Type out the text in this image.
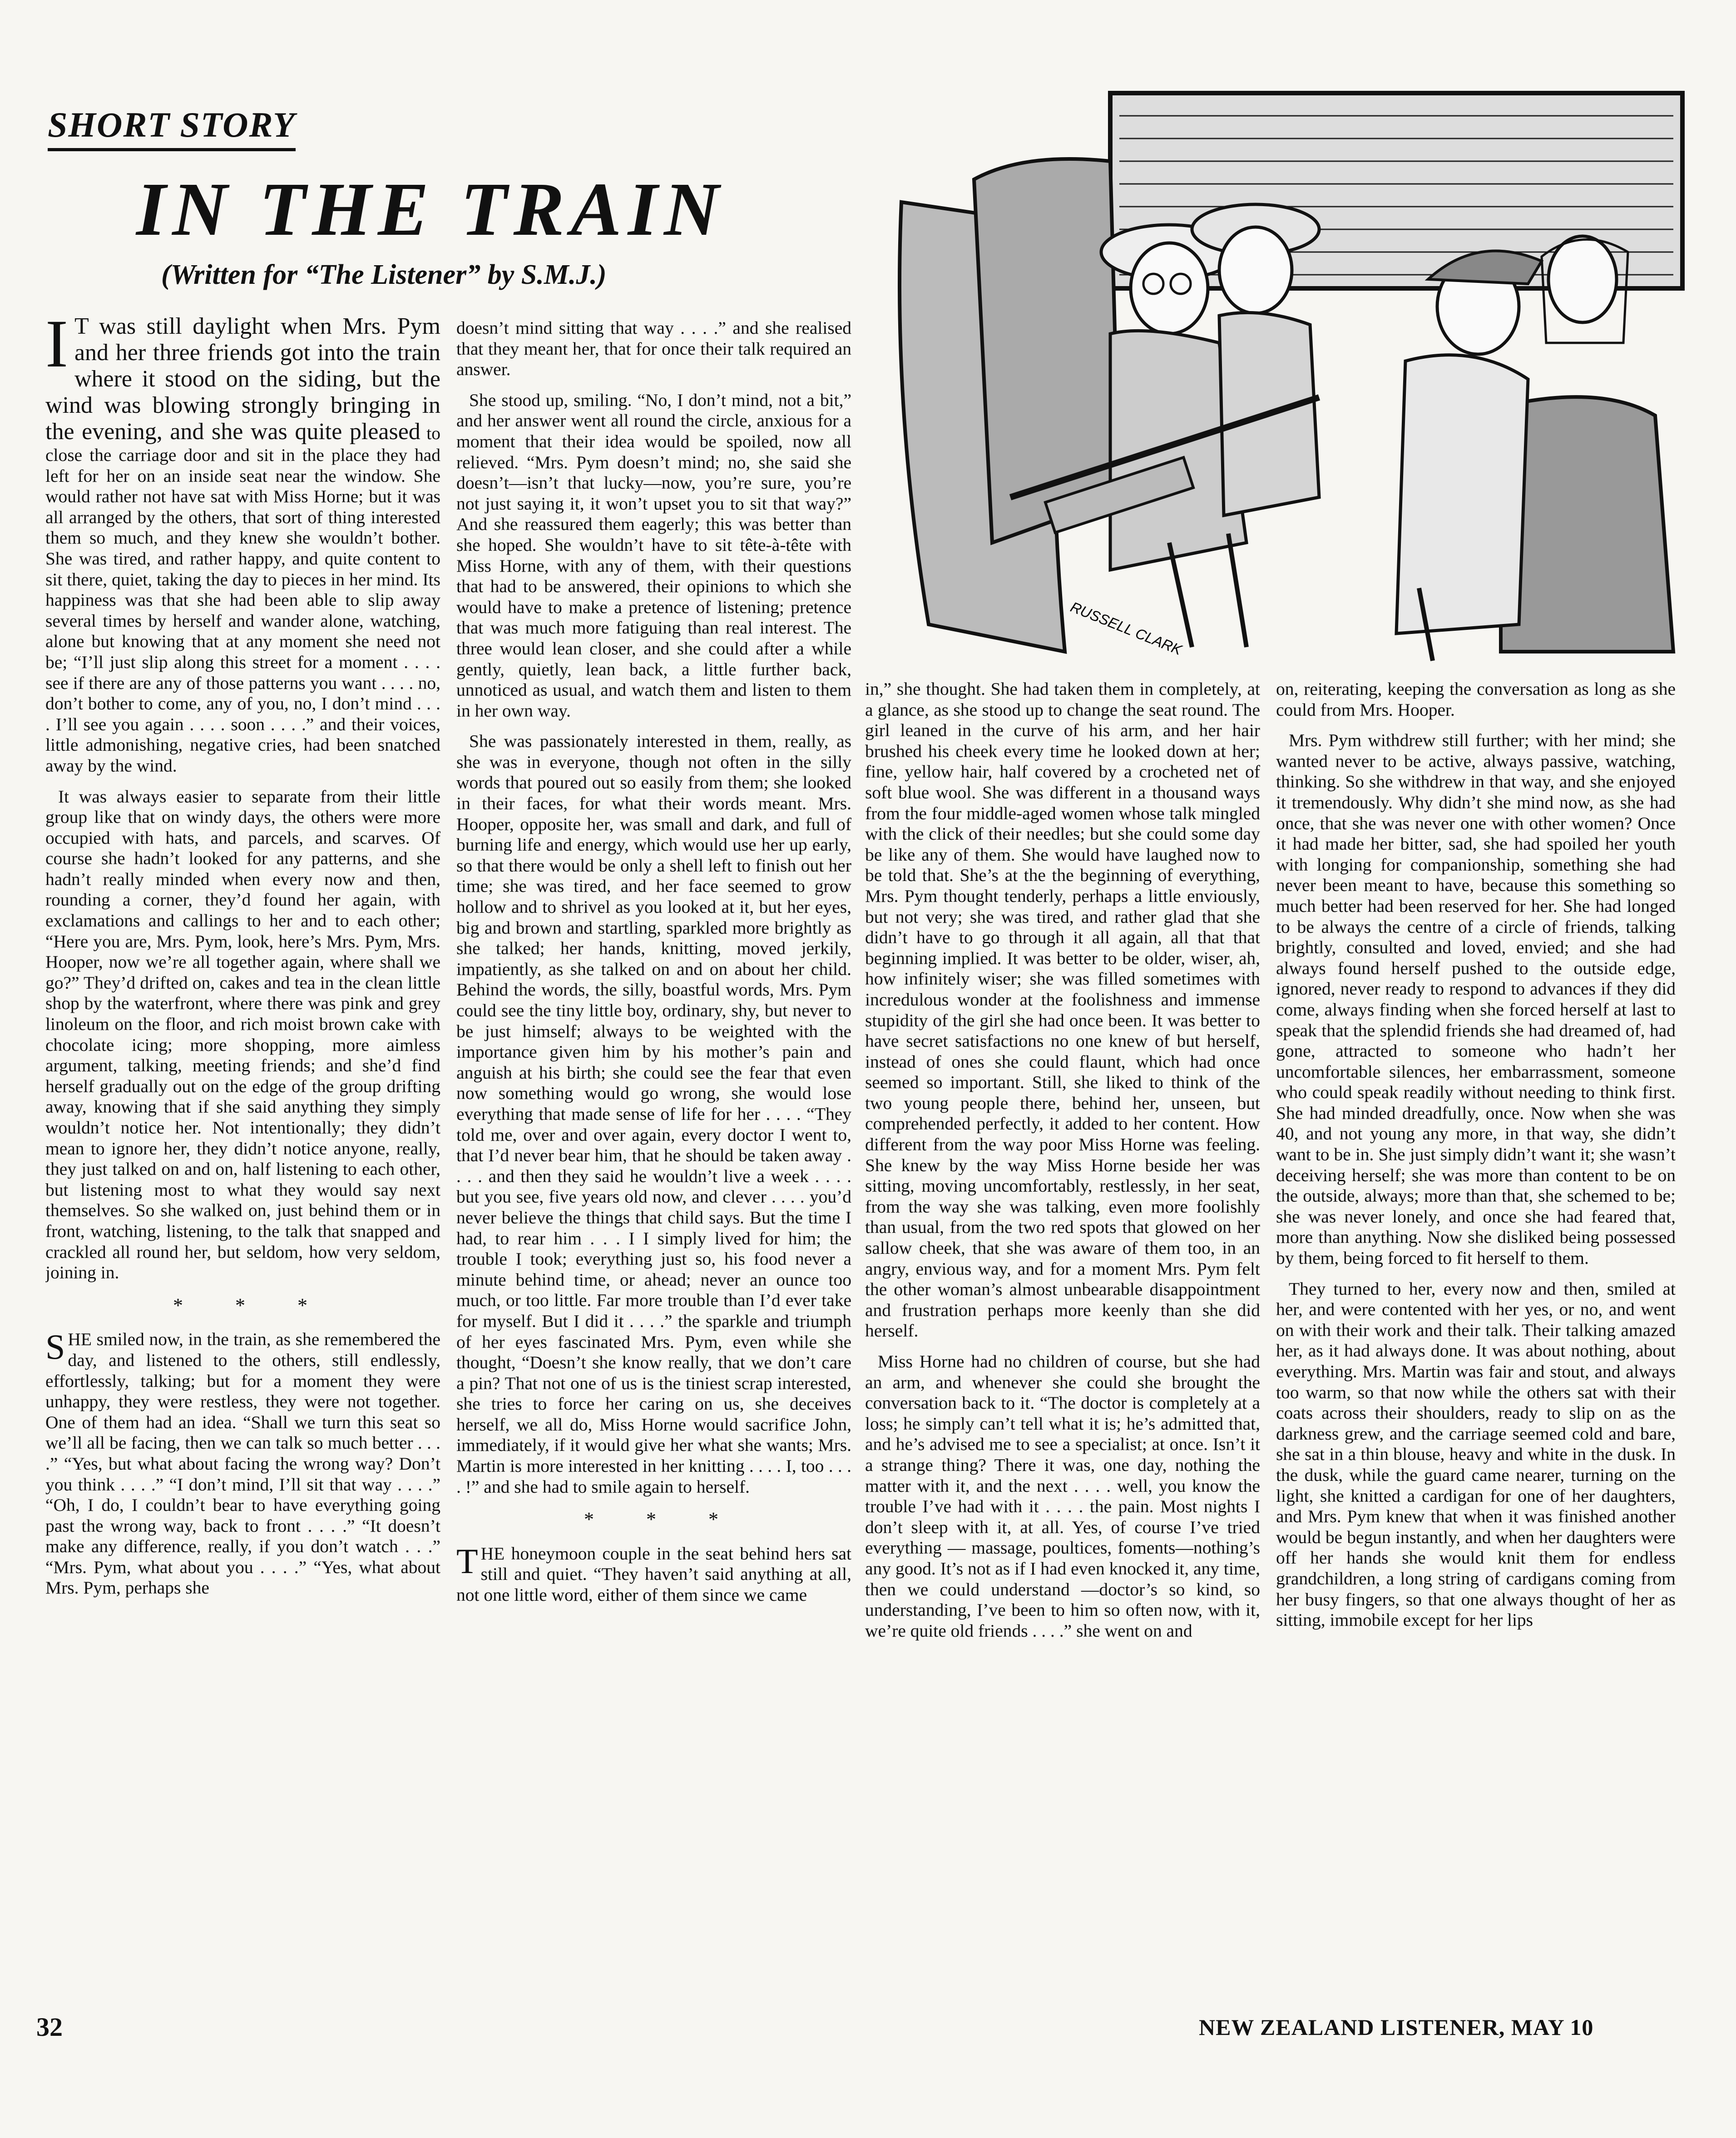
SHORT STORY
IN THE TRAIN
(Written for “The Listener” by S.M.J.)
RUSSELL CLARK

I T was still daylight when Mrs. Pym and her three friends got into the train where it stood on the siding, but the wind was blowing strongly bringing in the evening, and she was quite pleased to close the carriage door and sit in the place they had left for her on an inside seat near the window. She would rather not have sat with Miss Horne; but it was all arranged by the others, that sort of thing interested them so much, and they knew she wouldn’t bother. She was tired, and rather happy, and quite content to sit there, quiet, taking the day to pieces in her mind. Its happiness was that she had been able to slip away several times by herself and wander alone, watching, alone but knowing that at any moment she need not be; “I’ll just slip along this street for a moment . . . . see if there are any of those patterns you want . . . . no, don’t bother to come, any of you, no, I don’t mind . . . . I’ll see you again . . . . soon . . . .” and their voices, little admonishing, negative cries, had been snatched away by the wind.

It was always easier to separate from their little group like that on windy days, the others were more occupied with hats, and parcels, and scarves. Of course she hadn’t looked for any patterns, and she hadn’t really minded when every now and then, rounding a corner, they’d found her again, with exclamations and callings to her and to each other; “Here you are, Mrs. Pym, look, here’s Mrs. Pym, Mrs. Hooper, now we’re all together again, where shall we go?” They’d drifted on, cakes and tea in the clean little shop by the waterfront, where there was pink and grey linoleum on the floor, and rich moist brown cake with chocolate icing; more shopping, more aimless argument, talking, meeting friends; and she’d find herself gradually out on the edge of the group drifting away, knowing that if she said anything they simply wouldn’t notice her. Not intentionally; they didn’t mean to ignore her, they didn’t notice anyone, really, they just talked on and on, half listening to each other, but listening most to what they would say next themselves. So she walked on, just behind them or in front, watching, listening, to the talk that snapped and crackled all round her, but seldom, how very seldom, joining in.

* * *

SHE smiled now, in the train, as she remembered the day, and listened to the others, still endlessly, effortlessly, talking; but for a moment they were unhappy, they were restless, they were not together. One of them had an idea. “Shall we turn this seat so we’ll all be facing, then we can talk so much better . . . .” “Yes, but what about facing the wrong way? Don’t you think . . . .” “I don’t mind, I’ll sit that way . . . .” “Oh, I do, I couldn’t bear to have everything going past the wrong way, back to front . . . .” “It doesn’t make any difference, really, if you don’t watch . . .” “Mrs. Pym, what about you . . . .” “Yes, what about Mrs. Pym, perhaps she

doesn’t mind sitting that way . . . .” and she realised that they meant her, that for once their talk required an answer.

She stood up, smiling. “No, I don’t mind, not a bit,” and her answer went all round the circle, anxious for a moment that their idea would be spoiled, now all relieved. “Mrs. Pym doesn’t mind; no, she said she doesn’t—isn’t that lucky—now, you’re sure, you’re not just saying it, it won’t upset you to sit that way?” And she reassured them eagerly; this was better than she hoped. She wouldn’t have to sit tête-à-tête with Miss Horne, with any of them, with their questions that had to be answered, their opinions to which she would have to make a pretence of listening; pretence that was much more fatiguing than real interest. The three would lean closer, and she could after a while gently, quietly, lean back, a little further back, unnoticed as usual, and watch them and listen to them in her own way.

She was passionately interested in them, really, as she was in everyone, though not often in the silly words that poured out so easily from them; she looked in their faces, for what their words meant. Mrs. Hooper, opposite her, was small and dark, and full of burning life and energy, which would use her up early, so that there would be only a shell left to finish out her time; she was tired, and her face seemed to grow hollow and to shrivel as you looked at it, but her eyes, big and brown and startling, sparkled more brightly as she talked; her hands, knitting, moved jerkily, impatiently, as she talked on and on about her child. Behind the words, the silly, boastful words, Mrs. Pym could see the tiny little boy, ordinary, shy, but never to be just himself; always to be weighted with the importance given him by his mother’s pain and anguish at his birth; she could see the fear that even now something would go wrong, she would lose everything that made sense of life for her . . . . “They told me, over and over again, every doctor I went to, that I’d never bear him, that he should be taken away . . . . and then they said he wouldn’t live a week . . . . but you see, five years old now, and clever . . . . you’d never believe the things that child says. But the time I had, to rear him . . . I I simply lived for him; the trouble I took; everything just so, his food never a minute behind time, or ahead; never an ounce too much, or too little. Far more trouble than I’d ever take for myself. But I did it . . . .” the sparkle and triumph of her eyes fascinated Mrs. Pym, even while she thought, “Doesn’t she know really, that we don’t care a pin? That not one of us is the tiniest scrap interested, she tries to force her caring on us, she deceives herself, we all do, Miss Horne would sacrifice John, immediately, if it would give her what she wants; Mrs. Martin is more interested in her knitting . . . . I, too . . . . !” and she had to smile again to herself.

* * *

THE honeymoon couple in the seat behind hers sat still and quiet. “They haven’t said anything at all, not one little word, either of them since we came

in,” she thought. She had taken them in completely, at a glance, as she stood up to change the seat round. The girl leaned in the curve of his arm, and her hair brushed his cheek every time he looked down at her; fine, yellow hair, half covered by a crocheted net of soft blue wool. She was different in a thousand ways from the four middle-aged women whose talk mingled with the click of their needles; but she could some day be like any of them. She would have laughed now to be told that. She’s at the the beginning of everything, Mrs. Pym thought tenderly, perhaps a little enviously, but not very; she was tired, and rather glad that she didn’t have to go through it all again, all that that beginning implied. It was better to be older, wiser, ah, how infinitely wiser; she was filled sometimes with incredulous wonder at the foolishness and immense stupidity of the girl she had once been. It was better to have secret satisfactions no one knew of but herself, instead of ones she could flaunt, which had once seemed so important. Still, she liked to think of the two young people there, behind her, unseen, but comprehended perfectly, it added to her content. How different from the way poor Miss Horne was feeling. She knew by the way Miss Horne beside her was sitting, moving uncomfortably, restlessly, in her seat, from the way she was talking, even more foolishly than usual, from the two red spots that glowed on her sallow cheek, that she was aware of them too, in an angry, envious way, and for a moment Mrs. Pym felt the other woman’s almost unbearable disappointment and frustration perhaps more keenly than she did herself.

Miss Horne had no children of course, but she had an arm, and whenever she could she brought the conversation back to it. “The doctor is completely at a loss; he simply can’t tell what it is; he’s admitted that, and he’s advised me to see a specialist; at once. Isn’t it a strange thing? There it was, one day, nothing the matter with it, and the next . . . . well, you know the trouble I’ve had with it . . . . the pain. Most nights I don’t sleep with it, at all. Yes, of course I’ve tried everything — massage, poultices, foments—nothing’s any good. It’s not as if I had even knocked it, any time, then we could understand —doctor’s so kind, so understanding, I’ve been to him so often now, with it, we’re quite old friends . . . .” she went on and

on, reiterating, keeping the conversation as long as she could from Mrs. Hooper.

Mrs. Pym withdrew still further; with her mind; she wanted never to be active, always passive, watching, thinking. So she withdrew in that way, and she enjoyed it tremendously. Why didn’t she mind now, as she had once, that she was never one with other women? Once it had made her bitter, sad, she had spoiled her youth with longing for companionship, something she had never been meant to have, because this something so much better had been reserved for her. She had longed to be always the centre of a circle of friends, talking brightly, consulted and loved, envied; and she had always found herself pushed to the outside edge, ignored, never ready to respond to advances if they did come, always finding when she forced herself at last to speak that the splendid friends she had dreamed of, had gone, attracted to someone who hadn’t her uncomfortable silences, her embarrassment, someone who could speak readily without needing to think first. She had minded dreadfully, once. Now when she was 40, and not young any more, in that way, she didn’t want to be in. She just simply didn’t want it; she wasn’t deceiving herself; she was more than content to be on the outside, always; more than that, she schemed to be; she was never lonely, and once she had feared that, more than anything. Now she disliked being possessed by them, being forced to fit herself to them.

They turned to her, every now and then, smiled at her, and were contented with her yes, or no, and went on with their work and their talk. Their talking amazed her, as it had always done. It was about nothing, about everything. Mrs. Martin was fair and stout, and always too warm, so that now while the others sat with their coats across their shoulders, ready to slip on as the darkness grew, and the carriage seemed cold and bare, she sat in a thin blouse, heavy and white in the dusk. In the dusk, while the guard came nearer, turning on the light, she knitted a cardigan for one of her daughters, and Mrs. Pym knew that when it was finished another would be begun instantly, and when her daughters were off her hands she would knit them for endless grandchildren, a long string of cardigans coming from her busy fingers, so that one always thought of her as sitting, immobile except for her lips

32	NEW ZEALAND LISTENER, MAY 10
